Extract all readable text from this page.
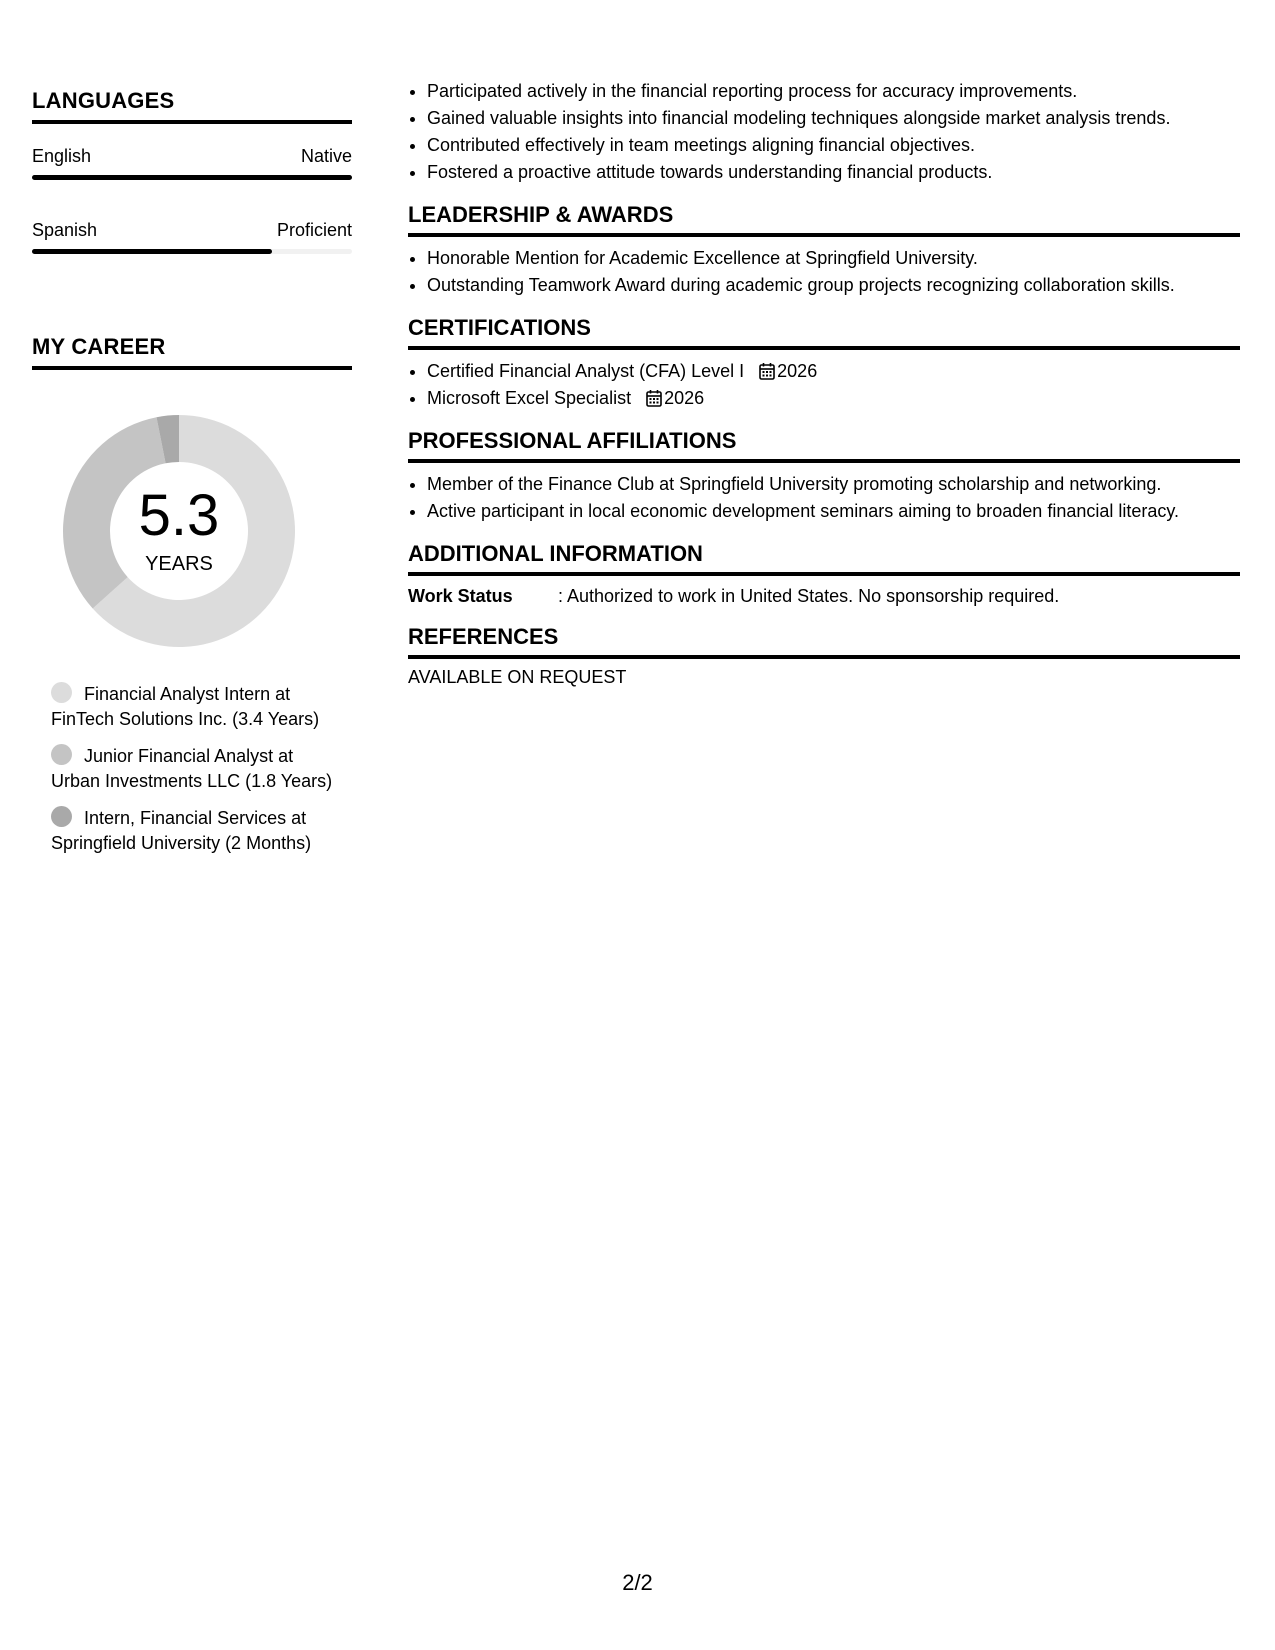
LANGUAGES
English	Native
Spanish	Proficient
MY CAREER
5.3
YEARS
Financial Analyst Intern at FinTech Solutions Inc. (3.4 Years)
Junior Financial Analyst at Urban Investments LLC (1.8 Years)
Intern, Financial Services at Springfield University (2 Months)
• Participated actively in the financial reporting process for accuracy improvements.
• Gained valuable insights into financial modeling techniques alongside market analysis trends.
• Contributed effectively in team meetings aligning financial objectives.
• Fostered a proactive attitude towards understanding financial products.
LEADERSHIP & AWARDS
• Honorable Mention for Academic Excellence at Springfield University.
• Outstanding Teamwork Award during academic group projects recognizing collaboration skills.
CERTIFICATIONS
• Certified Financial Analyst (CFA) Level I 2026
• Microsoft Excel Specialist 2026
PROFESSIONAL AFFILIATIONS
• Member of the Finance Club at Springfield University promoting scholarship and networking.
• Active participant in local economic development seminars aiming to broaden financial literacy.
ADDITIONAL INFORMATION
Work Status	: Authorized to work in United States. No sponsorship required.
REFERENCES
AVAILABLE ON REQUEST
2/2
